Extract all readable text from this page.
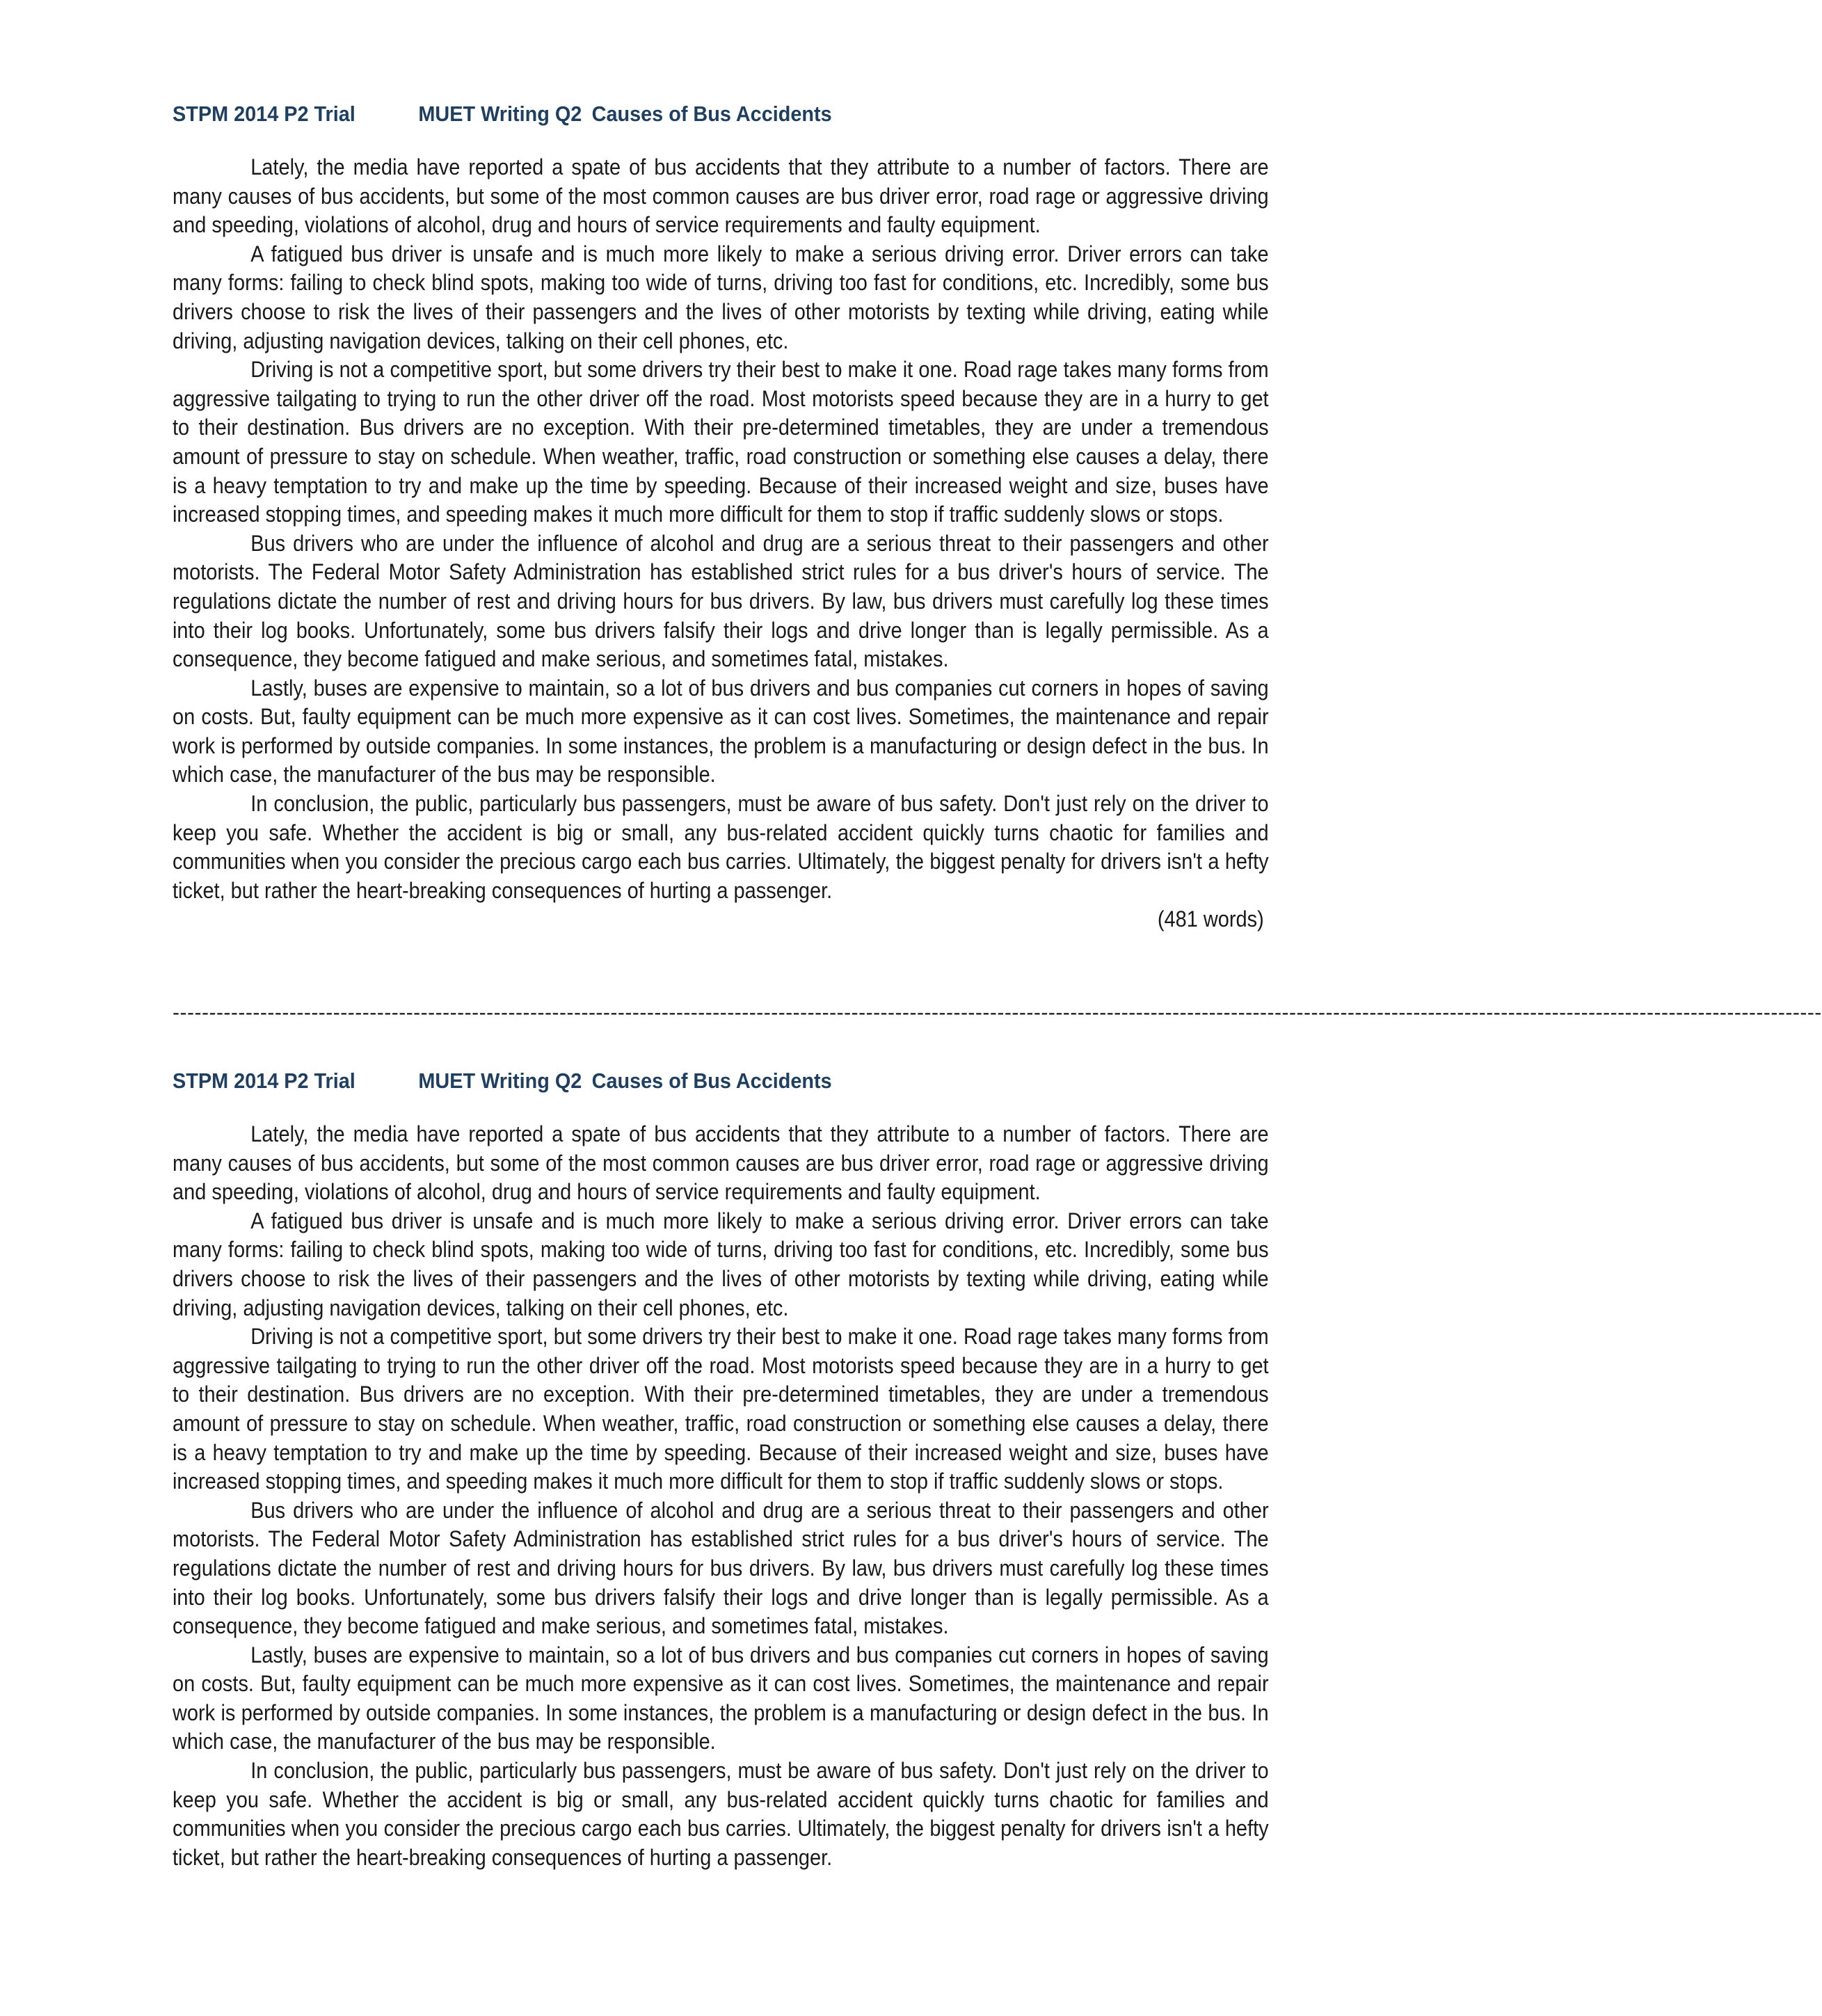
STPM 2014 P2 Trial	MUET Writing Q2 Causes of Bus Accidents

Lately, the media have reported a spate of bus accidents that they attribute to a number of factors. There are many causes of bus accidents, but some of the most common causes are bus driver error, road rage or aggressive driving and speeding, violations of alcohol, drug and hours of service requirements and faulty equipment.

A fatigued bus driver is unsafe and is much more likely to make a serious driving error. Driver errors can take many forms: failing to check blind spots, making too wide of turns, driving too fast for conditions, etc. Incredibly, some bus drivers choose to risk the lives of their passengers and the lives of other motorists by texting while driving, eating while driving, adjusting navigation devices, talking on their cell phones, etc.

Driving is not a competitive sport, but some drivers try their best to make it one. Road rage takes many forms from aggressive tailgating to trying to run the other driver off the road. Most motorists speed because they are in a hurry to get to their destination. Bus drivers are no exception. With their pre-determined timetables, they are under a tremendous amount of pressure to stay on schedule. When weather, traffic, road construction or something else causes a delay, there is a heavy temptation to try and make up the time by speeding. Because of their increased weight and size, buses have increased stopping times, and speeding makes it much more difficult for them to stop if traffic suddenly slows or stops.

Bus drivers who are under the influence of alcohol and drug are a serious threat to their passengers and other motorists. The Federal Motor Safety Administration has established strict rules for a bus driver's hours of service. The regulations dictate the number of rest and driving hours for bus drivers. By law, bus drivers must carefully log these times into their log books. Unfortunately, some bus drivers falsify their logs and drive longer than is legally permissible. As a consequence, they become fatigued and make serious, and sometimes fatal, mistakes.

Lastly, buses are expensive to maintain, so a lot of bus drivers and bus companies cut corners in hopes of saving on costs. But, faulty equipment can be much more expensive as it can cost lives. Sometimes, the maintenance and repair work is performed by outside companies. In some instances, the problem is a manufacturing or design defect in the bus. In which case, the manufacturer of the bus may be responsible.

In conclusion, the public, particularly bus passengers, must be aware of bus safety. Don't just rely on the driver to keep you safe. Whether the accident is big or small, any bus-related accident quickly turns chaotic for families and communities when you consider the precious cargo each bus carries. Ultimately, the biggest penalty for drivers isn't a hefty ticket, but rather the heart-breaking consequences of hurting a passenger.

(481 words)

----------------------------------------------------------------------------------------------------------------------------------------------------------------------------------------------------------------------------------
STPM 2014 P2 Trial	MUET Writing Q2 Causes of Bus Accidents

Lately, the media have reported a spate of bus accidents that they attribute to a number of factors. There are many causes of bus accidents, but some of the most common causes are bus driver error, road rage or aggressive driving and speeding, violations of alcohol, drug and hours of service requirements and faulty equipment.

A fatigued bus driver is unsafe and is much more likely to make a serious driving error. Driver errors can take many forms: failing to check blind spots, making too wide of turns, driving too fast for conditions, etc. Incredibly, some bus drivers choose to risk the lives of their passengers and the lives of other motorists by texting while driving, eating while driving, adjusting navigation devices, talking on their cell phones, etc.

Driving is not a competitive sport, but some drivers try their best to make it one. Road rage takes many forms from aggressive tailgating to trying to run the other driver off the road. Most motorists speed because they are in a hurry to get to their destination. Bus drivers are no exception. With their pre-determined timetables, they are under a tremendous amount of pressure to stay on schedule. When weather, traffic, road construction or something else causes a delay, there is a heavy temptation to try and make up the time by speeding. Because of their increased weight and size, buses have increased stopping times, and speeding makes it much more difficult for them to stop if traffic suddenly slows or stops.

Bus drivers who are under the influence of alcohol and drug are a serious threat to their passengers and other motorists. The Federal Motor Safety Administration has established strict rules for a bus driver's hours of service. The regulations dictate the number of rest and driving hours for bus drivers. By law, bus drivers must carefully log these times into their log books. Unfortunately, some bus drivers falsify their logs and drive longer than is legally permissible. As a consequence, they become fatigued and make serious, and sometimes fatal, mistakes.

Lastly, buses are expensive to maintain, so a lot of bus drivers and bus companies cut corners in hopes of saving on costs. But, faulty equipment can be much more expensive as it can cost lives. Sometimes, the maintenance and repair work is performed by outside companies. In some instances, the problem is a manufacturing or design defect in the bus. In which case, the manufacturer of the bus may be responsible.

In conclusion, the public, particularly bus passengers, must be aware of bus safety. Don't just rely on the driver to keep you safe. Whether the accident is big or small, any bus-related accident quickly turns chaotic for families and communities when you consider the precious cargo each bus carries. Ultimately, the biggest penalty for drivers isn't a hefty ticket, but rather the heart-breaking consequences of hurting a passenger.
